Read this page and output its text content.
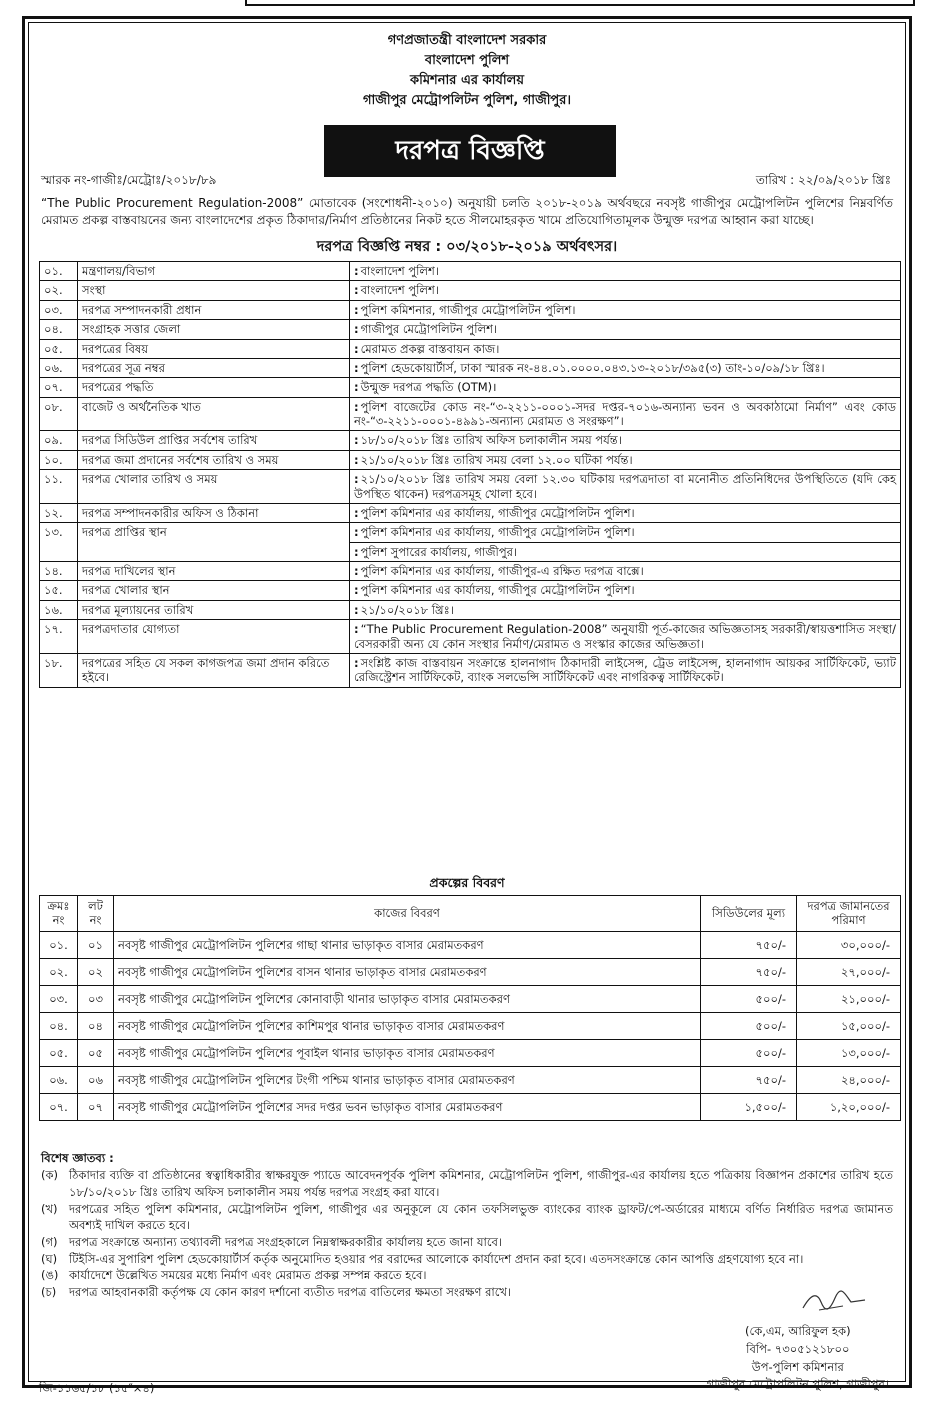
গণপ্রজাতন্ত্রী বাংলাদেশ সরকার
বাংলাদেশ পুলিশ
কমিশনার এর কার্যালয়
গাজীপুর মেট্রোপলিটন পুলিশ, গাজীপুর।
দরপত্র বিজ্ঞপ্তি
স্মারক নং-গাজীঃ/মেট্রোঃ/২০১৮/৮৯	তারিখ : ২২/০৯/২০১৮ খ্রিঃ
“The Public Procurement Regulation-2008” মোতাবেক (সংশোধনী-২০১০) অনুযায়ী চলতি ২০১৮-২০১৯ অর্থবছরে নবসৃষ্ট গাজীপুর মেট্রোপলিটন পুলিশের নিম্নবর্ণিত মেরামত প্রকল্প বাস্তবায়নের জন্য বাংলাদেশের প্রকৃত ঠিকাদার/নির্মাণ প্রতিষ্ঠানের নিকট হতে সীলমোহরকৃত খামে প্রতিযোগিতামূলক উন্মুক্ত দরপত্র আহ্বান করা যাচ্ছে।
দরপত্র বিজ্ঞপ্তি নম্বর : ০৩/২০১৮-২০১৯ অর্থবৎসর।
০১.	মন্ত্রণালয়/বিভাগ	: বাংলাদেশ পুলিশ।
০২.	সংস্থা	: বাংলাদেশ পুলিশ।
০৩.	দরপত্র সম্পাদনকারী প্রধান	: পুলিশ কমিশনার, গাজীপুর মেট্রোপলিটন পুলিশ।
০৪.	সংগ্রাহক সত্তার জেলা	: গাজীপুর মেট্রোপলিটন পুলিশ।
০৫.	দরপত্রের বিষয়	: মেরামত প্রকল্প বাস্তবায়ন কাজ।
০৬.	দরপত্রের সূত্র নম্বর	: পুলিশ হেডকোয়ার্টার্স, ঢাকা স্মারক নং-৪৪.০১.০০০০.০৪৩.১৩-২০১৮/৩৯৫(৩) তাং-১০/০৯/১৮ খ্রিঃ।
০৭.	দরপত্রের পদ্ধতি	: উন্মুক্ত দরপত্র পদ্ধতি (OTM)।
০৮.	বাজেট ও অর্থনৈতিক খাত	: পুলিশ বাজেটের কোড নং-“৩-২২১১-০০০১-সদর দপ্তর-৭০১৬-অন্যান্য ভবন ও অবকাঠামো নির্মাণ” এবং কোড নং-“৩-২২১১-০০০১-৪৯৯১-অন্যান্য মেরামত ও সংরক্ষণ”।
০৯.	দরপত্র সিডিউল প্রাপ্তির সর্বশেষ তারিখ	: ১৮/১০/২০১৮ খ্রিঃ তারিখ অফিস চলাকালীন সময় পর্যন্ত।
১০.	দরপত্র জমা প্রদানের সর্বশেষ তারিখ ও সময়	: ২১/১০/২০১৮ খ্রিঃ তারিখ সময় বেলা ১২.০০ ঘটিকা পর্যন্ত।
১১.	দরপত্র খোলার তারিখ ও সময়	: ২১/১০/২০১৮ খ্রিঃ তারিখ সময় বেলা ১২.৩০ ঘটিকায় দরপত্রদাতা বা মনোনীত প্রতিনিধিদের উপস্থিতিতে (যদি কেহ উপস্থিত থাকেন) দরপত্রসমূহ খোলা হবে।
১২.	দরপত্র সম্পাদনকারীর অফিস ও ঠিকানা	: পুলিশ কমিশনার এর কার্যালয়, গাজীপুর মেট্রোপলিটন পুলিশ।
১৩.	দরপত্র প্রাপ্তির স্থান	: পুলিশ কমিশনার এর কার্যালয়, গাজীপুর মেট্রোপলিটন পুলিশ।
		: পুলিশ সুপারের কার্যালয়, গাজীপুর।
১৪.	দরপত্র দাখিলের স্থান	: পুলিশ কমিশনার এর কার্যালয়, গাজীপুর-এ রক্ষিত দরপত্র বাক্সে।
১৫.	দরপত্র খোলার স্থান	: পুলিশ কমিশনার এর কার্যালয়, গাজীপুর মেট্রোপলিটন পুলিশ।
১৬.	দরপত্র মূল্যায়নের তারিখ	: ২১/১০/২০১৮ খ্রিঃ।
১৭.	দরপত্রদাতার যোগ্যতা	: “The Public Procurement Regulation-2008” অনুযায়ী পূর্ত-কাজের অভিজ্ঞতাসহ সরকারী/স্বায়ত্তশাসিত সংস্থা/বেসরকারী অন্য যে কোন সংস্থার নির্মাণ/মেরামত ও সংস্কার কাজের অভিজ্ঞতা।
১৮.	দরপত্রের সহিত যে সকল কাগজপত্র জমা প্রদান করিতে হইবে।	: সংশ্লিষ্ট কাজ বাস্তবায়ন সংক্রান্তে হালনাগাদ ঠিকাদারী লাইসেন্স, ট্রেড লাইসেন্স, হালনাগাদ আয়কর সার্টিফিকেট, ভ্যাট রেজিস্ট্রেশন সার্টিফিকেট, ব্যাংক সলভেন্সি সার্টিফিকেট এবং নাগরিকত্ব সার্টিফিকেট।
প্রকল্পের বিবরণ
ক্রমঃ নং	লট নং	কাজের বিবরণ	সিডিউলের মূল্য	দরপত্র জামানতের পরিমাণ
০১.	০১	নবসৃষ্ট গাজীপুর মেট্রোপলিটন পুলিশের গাছা থানার ভাড়াকৃত বাসার মেরামতকরণ	৭৫০/-	৩০,০০০/-
০২.	০২	নবসৃষ্ট গাজীপুর মেট্রোপলিটন পুলিশের বাসন থানার ভাড়াকৃত বাসার মেরামতকরণ	৭৫০/-	২৭,০০০/-
০৩.	০৩	নবসৃষ্ট গাজীপুর মেট্রোপলিটন পুলিশের কোনাবাড়ী থানার ভাড়াকৃত বাসার মেরামতকরণ	৫০০/-	২১,০০০/-
০৪.	০৪	নবসৃষ্ট গাজীপুর মেট্রোপলিটন পুলিশের কাশিমপুর থানার ভাড়াকৃত বাসার মেরামতকরণ	৫০০/-	১৫,০০০/-
০৫.	০৫	নবসৃষ্ট গাজীপুর মেট্রোপলিটন পুলিশের পূবাইল থানার ভাড়াকৃত বাসার মেরামতকরণ	৫০০/-	১৩,০০০/-
০৬.	০৬	নবসৃষ্ট গাজীপুর মেট্রোপলিটন পুলিশের টংগী পশ্চিম থানার ভাড়াকৃত বাসার মেরামতকরণ	৭৫০/-	২৪,০০০/-
০৭.	০৭	নবসৃষ্ট গাজীপুর মেট্রোপলিটন পুলিশের সদর দপ্তর ভবন ভাড়াকৃত বাসার মেরামতকরণ	১,৫০০/-	১,২০,০০০/-
বিশেষ জ্ঞাতব্য :
(ক) ঠিকাদার ব্যক্তি বা প্রতিষ্ঠানের স্বত্বাধিকারীর স্বাক্ষরযুক্ত প্যাডে আবেদনপূর্বক পুলিশ কমিশনার, মেট্রোপলিটন পুলিশ, গাজীপুর-এর কার্যালয় হতে পত্রিকায় বিজ্ঞাপন প্রকাশের তারিখ হতে ১৮/১০/২০১৮ খ্রিঃ তারিখ অফিস চলাকালীন সময় পর্যন্ত দরপত্র সংগ্রহ করা যাবে।
(খ) দরপত্রের সহিত পুলিশ কমিশনার, মেট্রোপলিটন পুলিশ, গাজীপুর এর অনুকূলে যে কোন তফসিলভুক্ত ব্যাংকের ব্যাংক ড্রাফট/পে-অর্ডারের মাধ্যমে বর্ণিত নির্ধারিত দরপত্র জামানত অবশ্যই দাখিল করতে হবে।
(গ) দরপত্র সংক্রান্তে অন্যান্য তথ্যাবলী দরপত্র সংগ্রহকালে নিম্নস্বাক্ষরকারীর কার্যালয় হতে জানা যাবে।
(ঘ)	টিইসি-এর সুপারিশ পুলিশ হেডকোয়ার্টার্স কর্তৃক অনুমোদিত হওয়ার পর বরাদ্দের আলোকে কার্যাদেশ প্রদান করা হবে। এতদসংক্রান্তে কোন আপত্তি গ্রহণযোগ্য হবে না।
(ঙ) কার্যাদেশে উল্লেখিত সময়ের মধ্যে নির্মাণ এবং মেরামত প্রকল্প সম্পন্ন করতে হবে।
(চ)	দরপত্র আহবানকারী কর্তৃপক্ষ যে কোন কারণ দর্শানো ব্যতীত দরপত্র বাতিলের ক্ষমতা সংরক্ষণ রাখে।
(কে,এম, আরিফুল হক)
বিপি- ৭৩০৫১২১৮০০
উপ-পুলিশ কমিশনার
গাজীপুর মেট্রোপলিটন পুলিশ, গাজীপুর।
জি-১১৬৫/১৮ (১৫″×৪)
